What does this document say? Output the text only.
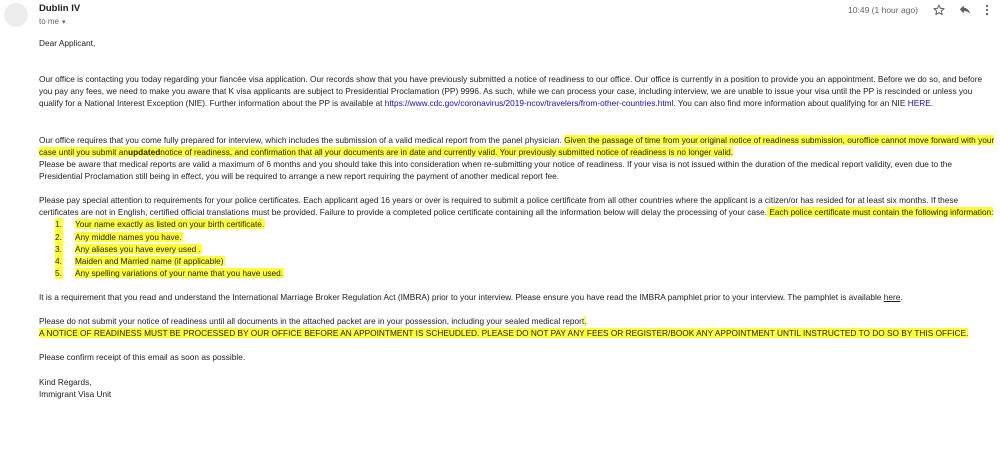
Dublin IV
to me ▾
10:49 (1 hour ago)

Dear Applicant,

Our office is contacting you today regarding your fiancée visa application. Our records show that you have previously submitted a notice of readiness to our office. Our office is currently in a position to provide you an appointment. Before we do so, and before you pay any fees, we need to make you aware that K visa applicants are subject to Presidential Proclamation (PP) 9996. As such, while we can process your case, including interview, we are unable to issue your visa until the PP is rescinded or unless you qualify for a National Interest Exception (NIE). Further information about the PP is available at https://www.cdc.gov/coronavirus/2019-ncov/travelers/from-other-countries.html. You can also find more information about qualifying for an NIE HERE.

Our office requires that you come fully prepared for interview, which includes the submission of a valid medical report from the panel physician. Given the passage of time from your original notice of readiness submission, ouroffice cannot move forward with your case until you submit anupdatednotice of readiness, and confirmation that all your documents are in date and currently valid. Your previously submitted notice of readiness is no longer valid.

Please be aware that medical reports are valid a maximum of 6 months and you should take this into consideration when re-submitting your notice of readiness. If your visa is not issued within the duration of the medical report validity, even due to the Presidential Proclamation still being in effect, you will be required to arrange a new report requiring the payment of another medical report fee.

Please pay special attention to requirements for your police certificates. Each applicant aged 16 years or over is required to submit a police certificate from all other countries where the applicant is a citizen/or has resided for at least six months. If these certificates are not in English, certified official translations must be provided. Failure to provide a completed police certificate containing all the information below will delay the processing of your case. Each police certificate must contain the following information:

1. Your name exactly as listed on your birth certificate.
2. Any middle names you have.
3. Any aliases you have every used .
4. Maiden and Married name (if applicable)
5. Any spelling variations of your name that you have used.

It is a requirement that you read and understand the International Marriage Broker Regulation Act (IMBRA) prior to your interview. Please ensure you have read the IMBRA pamphlet prior to your interview. The pamphlet is available here.

Please do not submit your notice of readiness until all documents in the attached packet are in your possession, including your sealed medical report.

A NOTICE OF READINESS MUST BE PROCESSED BY OUR OFFICE BEFORE AN APPOINTMENT IS SCHEUDLED. PLEASE DO NOT PAY ANY FEES OR REGISTER/BOOK ANY APPOINTMENT UNTIL INSTRUCTED TO DO SO BY THIS OFFICE.

Please confirm receipt of this email as soon as possible.

Kind Regards,

Immigrant Visa Unit
